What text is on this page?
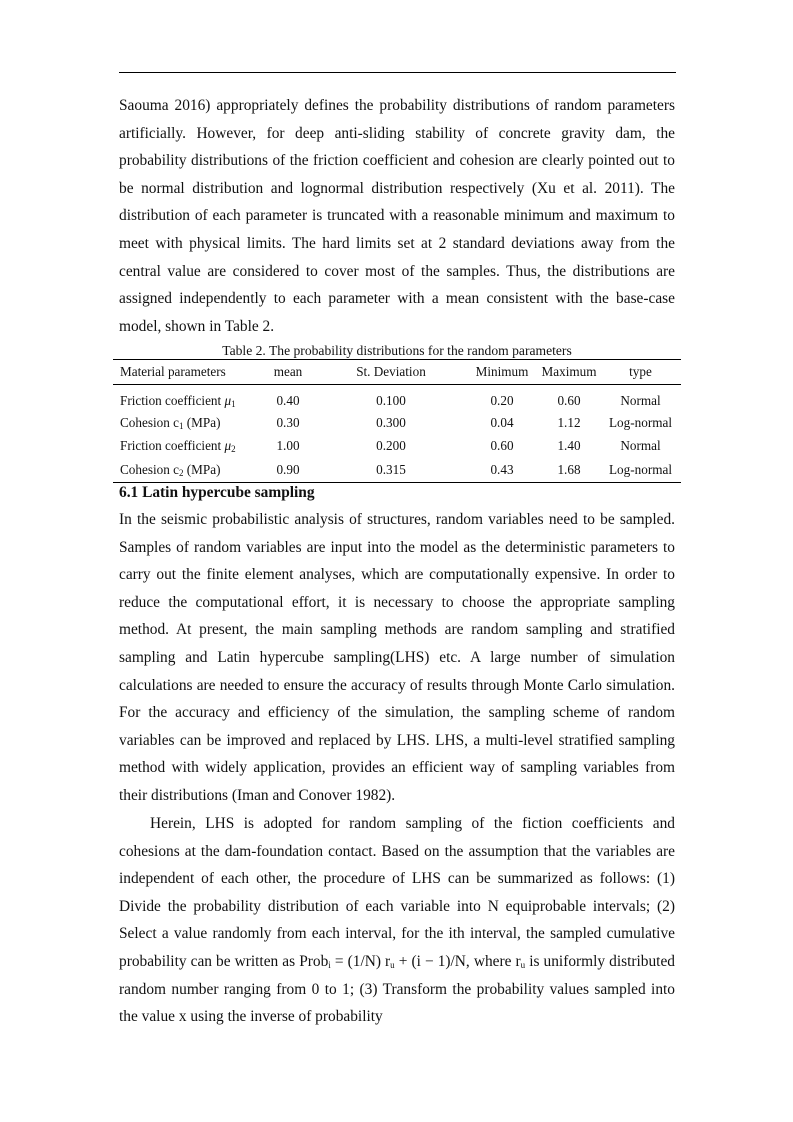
Saouma 2016) appropriately defines the probability distributions of random parameters artificially. However, for deep anti-sliding stability of concrete gravity dam, the probability distributions of the friction coefficient and cohesion are clearly pointed out to be normal distribution and lognormal distribution respectively (Xu et al. 2011). The distribution of each parameter is truncated with a reasonable minimum and maximum to meet with physical limits. The hard limits set at 2 standard deviations away from the central value are considered to cover most of the samples. Thus, the distributions are assigned independently to each parameter with a mean consistent with the base-case model, shown in Table 2.

Table 2. The probability distributions for the random parameters
Material parameters	mean	St. Deviation	Minimum	Maximum	type
Friction coefficient $\mu_1$	0.40	0.100	0.20	0.60	Normal
Cohesion $c_1$ (MPa)	0.30	0.300	0.04	1.12	Log-normal
Friction coefficient $\mu_2$	1.00	0.200	0.60	1.40	Normal
Cohesion $c_2$ (MPa)	0.90	0.315	0.43	1.68	Log-normal
6.1 Latin hypercube sampling

In the seismic probabilistic analysis of structures, random variables need to be sampled. Samples of random variables are input into the model as the deterministic parameters to carry out the finite element analyses, which are computationally expensive. In order to reduce the computational effort, it is necessary to choose the appropriate sampling method. At present, the main sampling methods are random sampling and stratified sampling and Latin hypercube sampling(LHS) etc. A large number of simulation calculations are needed to ensure the accuracy of results through Monte Carlo simulation. For the accuracy and efficiency of the simulation, the sampling scheme of random variables can be improved and replaced by LHS. LHS, a multi-level stratified sampling method with widely application, provides an efficient way of sampling variables from their distributions (Iman and Conover 1982).

Herein, LHS is adopted for random sampling of the fiction coefficients and cohesions at the dam-foundation contact. Based on the assumption that the variables are independent of each other, the procedure of LHS can be summarized as follows: (1) Divide the probability distribution of each variable into N equiprobable intervals; (2) Select a value randomly from each interval, for the ith interval, the sampled cumulative probability can be written as Prob$_i$ = (1/N) $r_u + (i - 1)/N$, where $r_u$ is uniformly distributed random number ranging from 0 to 1; (3) Transform the probability values sampled into the value x using the inverse of probability
